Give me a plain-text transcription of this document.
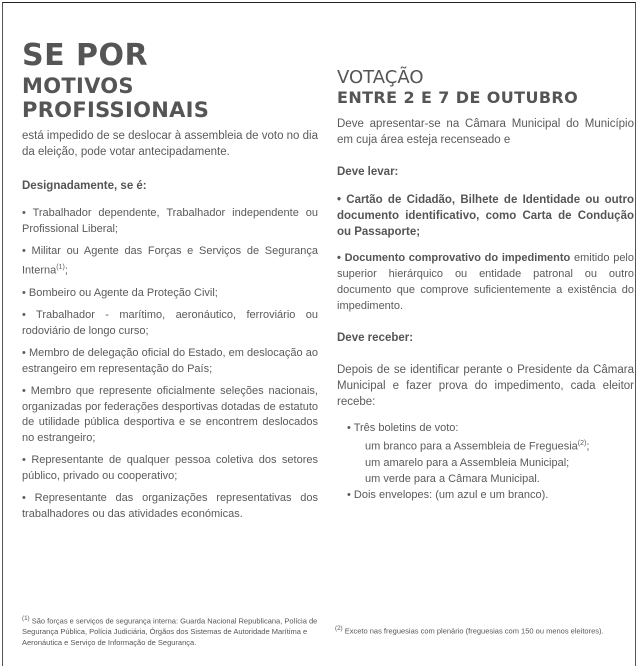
SE POR
MOTIVOS PROFISSIONAIS

está impedido de se deslocar à assembleia de voto no dia da eleição, pode votar antecipadamente.

Designadamente, se é:

• Trabalhador dependente, Trabalhador independente ou Profissional Liberal;

• Militar ou Agente das Forças e Serviços de Segurança Interna$^{(1)}$;

• Bombeiro ou Agente da Proteção Civil;

• Trabalhador - marítimo, aeronáutico, ferroviário ou rodoviário de longo curso;

• Membro de delegação oficial do Estado, em deslocação ao estrangeiro em representação do País;

• Membro que represente oficialmente seleções nacionais, organizadas por federações desportivas dotadas de estatuto de utilidade pública desportiva e se encontrem deslocados no estrangeiro;

• Representante de qualquer pessoa coletiva dos setores público, privado ou cooperativo;

• Representante das organizações representativas dos trabalhadores ou das atividades económicas.

VOTAÇÃO
ENTRE 2 E 7 DE OUTUBRO

Deve apresentar-se na Câmara Municipal do Município em cuja área esteja recenseado e

Deve levar:

• Cartão de Cidadão, Bilhete de Identidade ou outro documento identificativo, como Carta de Condução ou Passaporte;

• Documento comprovativo do impedimento emitido pelo superior hierárquico ou entidade patronal ou outro documento que comprove suficientemente a existência do impedimento.

Deve receber:

Depois de se identificar perante o Presidente da Câmara Municipal e fazer prova do impedimento, cada eleitor recebe:

• Três boletins de voto:
um branco para a Assembleia de Freguesia$^{(2)}$;
um amarelo para a Assembleia Municipal;
um verde para a Câmara Municipal.
• Dois envelopes: (um azul e um branco).
$^{(1)}$ São forças e serviços de segurança interna: Guarda Nacional Republicana, Polícia de Segurança Pública, Polícia Judiciária, Órgãos dos Sistemas de Autoridade Marítima e Aeronáutica e Serviço de Informação de Segurança.
$^{(2)}$ Exceto nas freguesias com plenário (freguesias com 150 ou menos eleitores).
